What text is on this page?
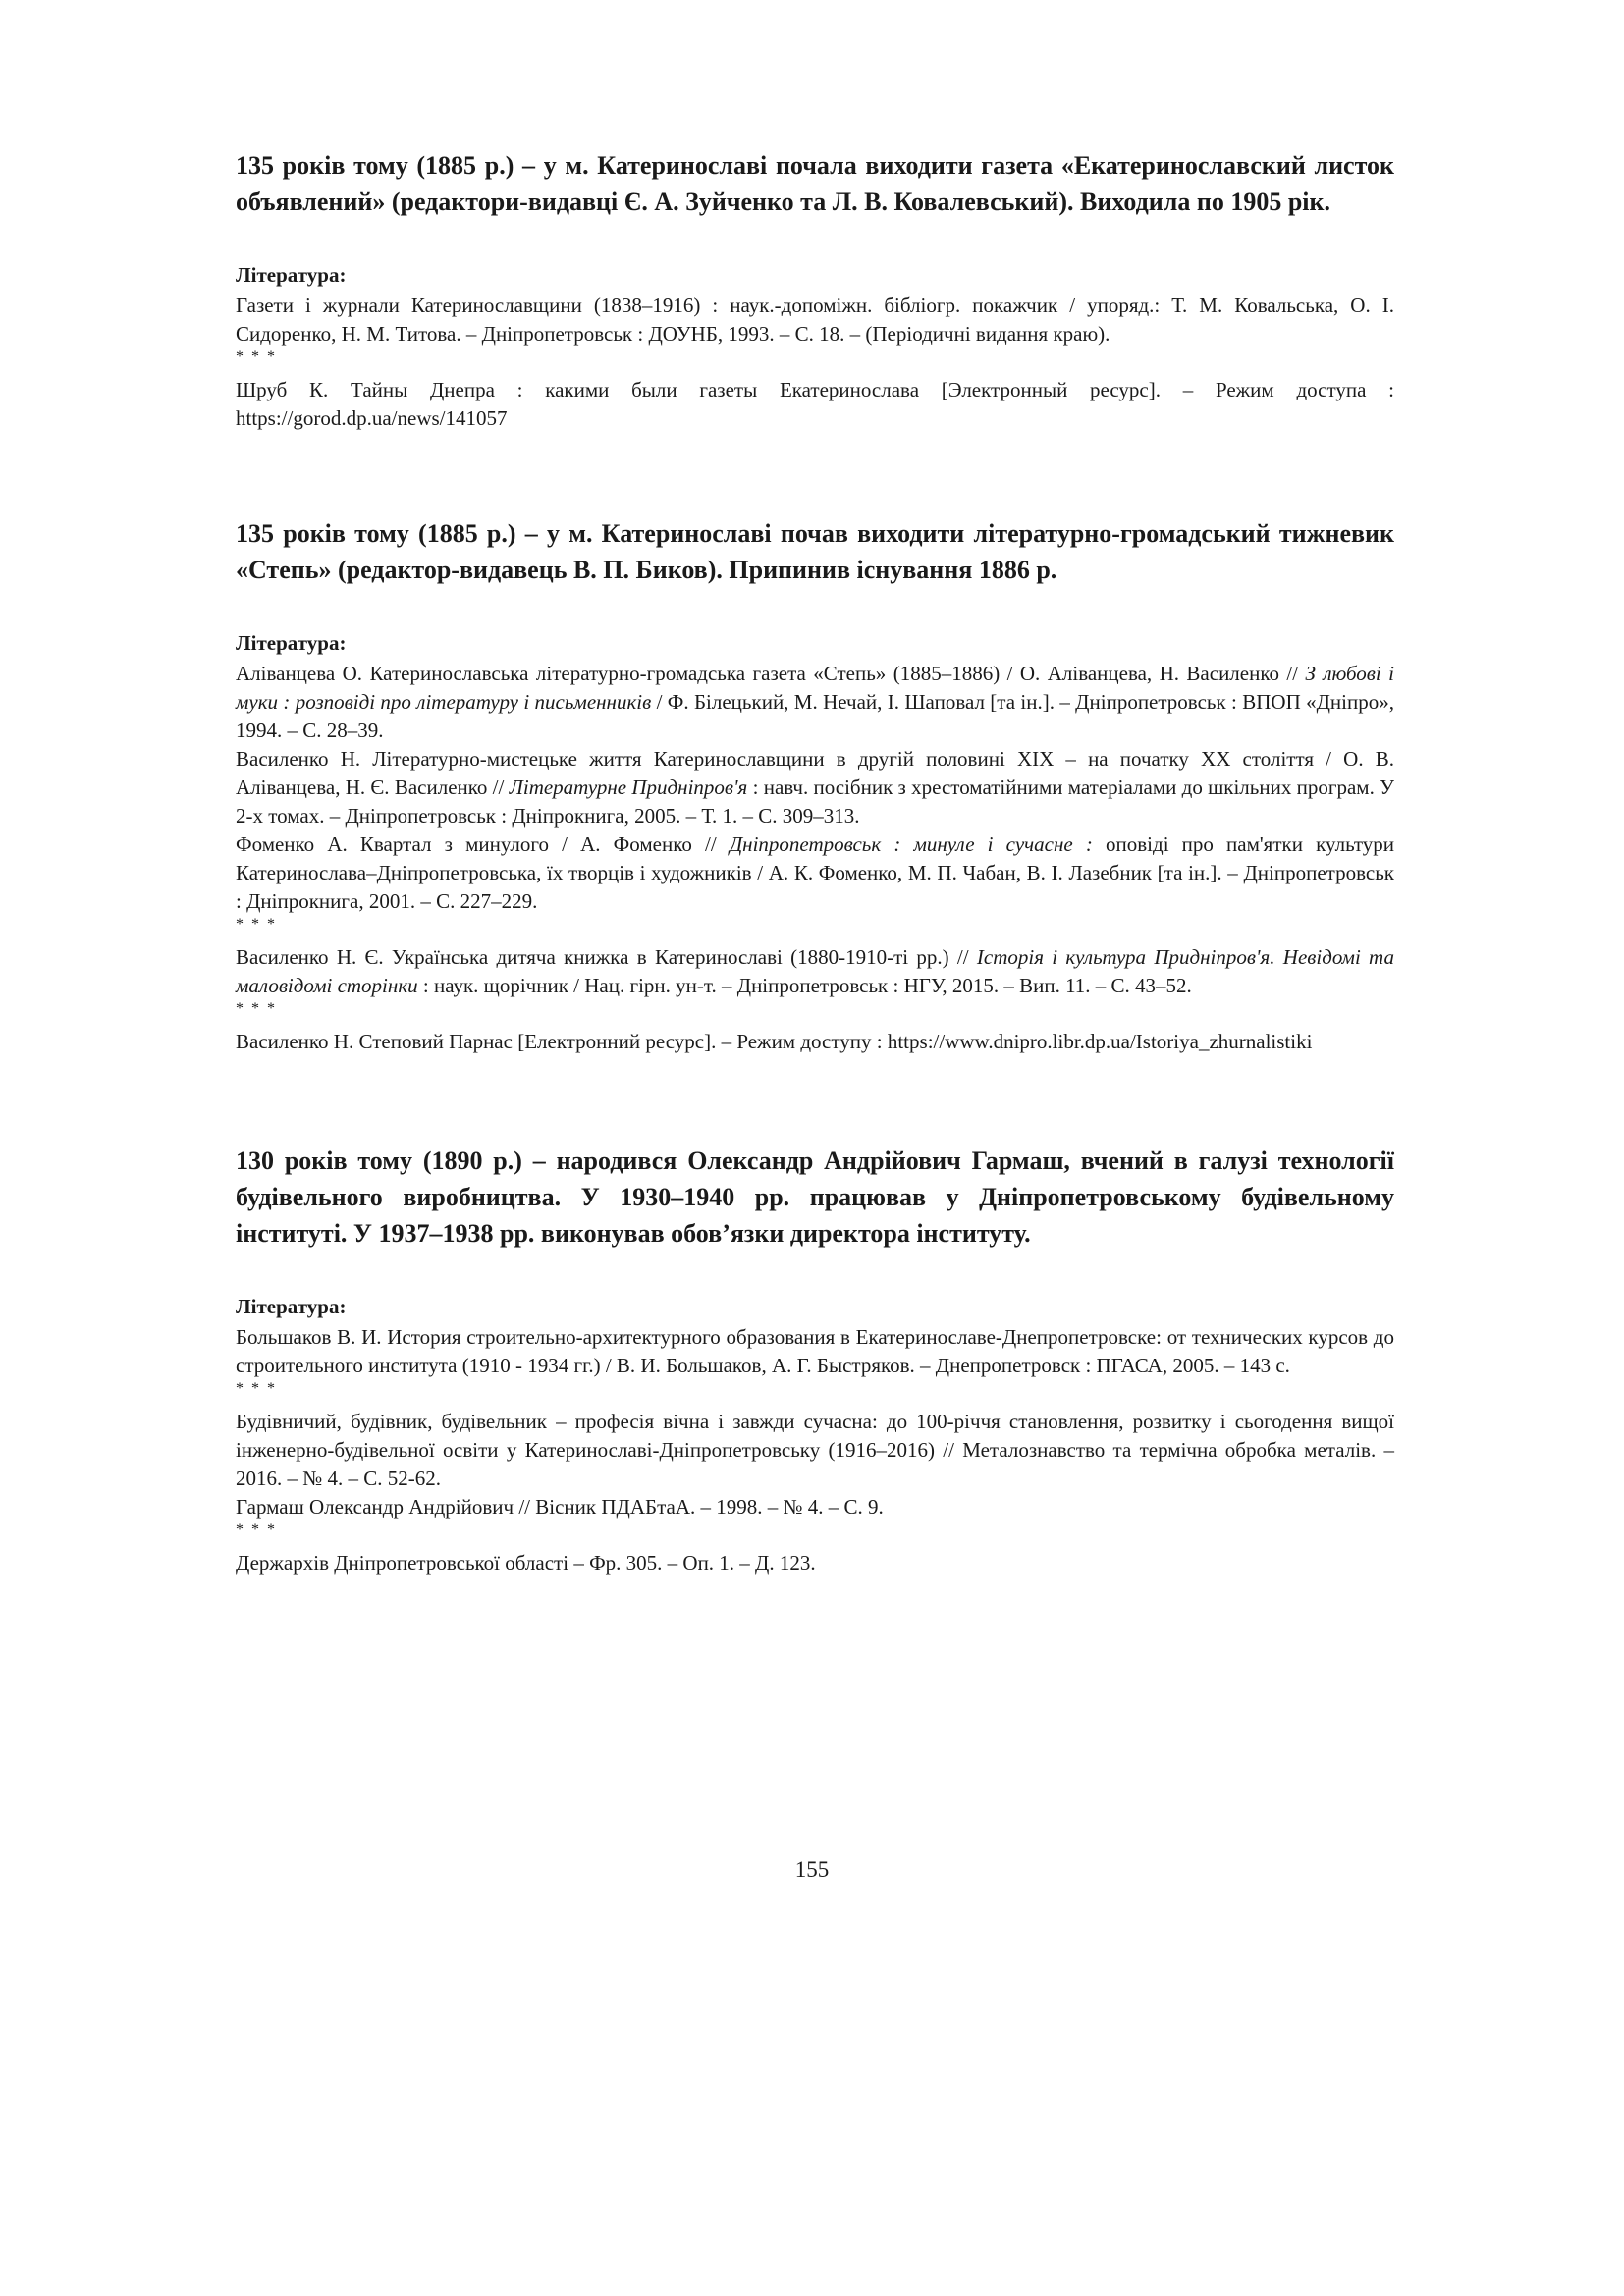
135 років тому (1885 р.) – у м. Катеринославі почала виходити газета «Екатеринославский листок объявлений» (редактори-видавці Є. А. Зуйченко та Л. В. Ковалевський). Виходила по 1905 рік.

Література:

Газети і журнали Катеринославщини (1838–1916) : наук.-допоміжн. бібліогр. покажчик / упоряд.: Т. М. Ковальська, О. І. Сидоренко, Н. М. Титова. – Дніпропетровськ : ДОУНБ, 1993. – С. 18. – (Періодичні видання краю).

* * *

Шруб К. Тайны Днепра : какими были газеты Екатеринослава [Электронный ресурс]. – Режим доступа : https://gorod.dp.ua/news/141057

135 років тому (1885 р.) – у м. Катеринославі почав виходити літературно-громадський тижневик «Степь» (редактор-видавець В. П. Биков). Припинив існування 1886 р.

Література:

Аліванцева О. Катеринославська літературно-громадська газета «Степь» (1885–1886) / О. Аліванцева, Н. Василенко // З любові і муки : розповіді про літературу і письменників / Ф. Білецький, М. Нечай, І. Шаповал [та ін.]. – Дніпропетровськ : ВПОП «Дніпро», 1994. – С. 28–39.

Василенко Н. Літературно-мистецьке життя Катеринославщини в другій половині ХІХ – на початку ХХ століття / О. В. Аліванцева, Н. Є. Василенко // Літературне Придніпров'я : навч. посібник з хрестоматійними матеріалами до шкільних програм. У 2-х томах. – Дніпропетровськ : Дніпрокнига, 2005. – Т. 1. – С. 309–313.

Фоменко А. Квартал з минулого / А. Фоменко // Дніпропетровськ : минуле і сучасне : оповіді про пам'ятки культури Катеринослава–Дніпропетровська, їх творців і художників / А. К. Фоменко, М. П. Чабан, В. І. Лазебник [та ін.]. – Дніпропетровськ : Дніпрокнига, 2001. – С. 227–229.

* * *

Василенко Н. Є. Українська дитяча книжка в Катеринославі (1880-1910-ті рр.) // Історія і культура Придніпров'я. Невідомі та маловідомі сторінки : наук. щорічник / Нац. гірн. ун-т. – Дніпропетровськ : НГУ, 2015. – Вип. 11. – С. 43–52.

* * *

Василенко Н. Степовий Парнас [Електронний ресурс]. – Режим доступу : https://www.dnipro.libr.dp.ua/Istoriya_zhurnalistiki

130 років тому (1890 р.) – народився Олександр Андрійович Гармаш, вчений в галузі технології будівельного виробництва. У 1930–1940 рр. працював у Дніпропетровському будівельному інституті. У 1937–1938 рр. виконував обов’язки директора інституту.

Література:

Большаков В. И. История строительно-архитектурного образования в Екатеринославе-Днепропетровске: от технических курсов до строительного института (1910 - 1934 гг.) / В. И. Большаков, А. Г. Быстряков. – Днепропетровск : ПГАСА, 2005. – 143 с.

* * *

Будівничий, будівник, будівельник – професія вічна і завжди сучасна: до 100-річчя становлення, розвитку і сьогодення вищої інженерно-будівельної освіти у Катеринославі-Дніпропетровську (1916–2016) // Металознавство та термічна обробка металів. – 2016. – № 4. – С. 52-62.

Гармаш Олександр Андрійович // Вісник ПДАБтаА. – 1998. – № 4. – С. 9.

* * *

Держархів Дніпропетровської області – Фр. 305. – Оп. 1. – Д. 123.

155
